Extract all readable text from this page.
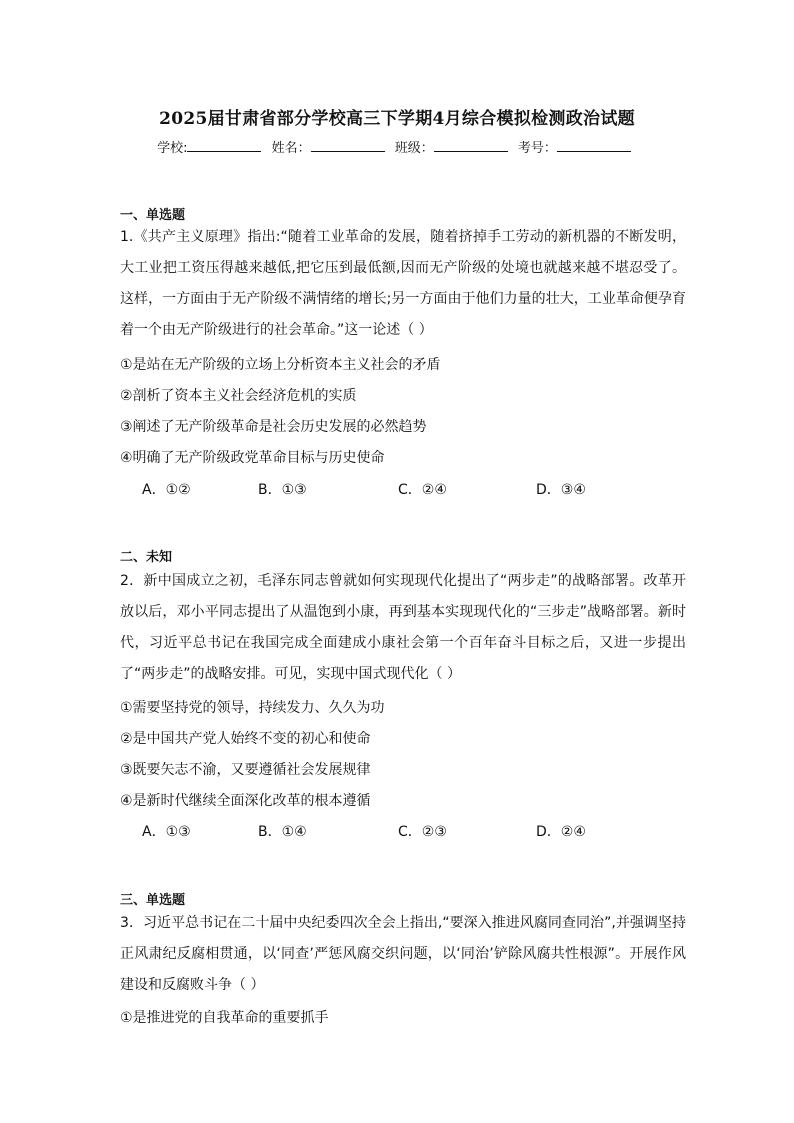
2025届甘肃省部分学校高三下学期4月综合模拟检测政治试题
学校:	姓名：	班级：	考号：
一、单选题
1.《共产主义原理》指出:“随着工业革命的发展，随着挤掉手工劳动的新机器的不断发明，大工业把工资压得越来越低,把它压到最低额,因而无产阶级的处境也就越来越不堪忍受了。这样，一方面由于无产阶级不满情绪的增长;另一方面由于他们力量的壮大，工业革命便孕育着一个由无产阶级进行的社会革命。”这一论述（ ）
①是站在无产阶级的立场上分析资本主义社会的矛盾
②剖析了资本主义社会经济危机的实质
③阐述了无产阶级革命是社会历史发展的必然趋势
④明确了无产阶级政党革命目标与历史使命
A．①②	B．①③	C．②④	D．③④
二、未知
2．新中国成立之初，毛泽东同志曾就如何实现现代化提出了“两步走”的战略部署。改革开放以后，邓小平同志提出了从温饱到小康，再到基本实现现代化的“三步走”战略部署。新时代，习近平总书记在我国完成全面建成小康社会第一个百年奋斗目标之后，又进一步提出了“两步走”的战略安排。可见，实现中国式现代化（ ）
①需要坚持党的领导，持续发力、久久为功
②是中国共产党人始终不变的初心和使命
③既要矢志不渝，又要遵循社会发展规律
④是新时代继续全面深化改革的根本遵循
A．①③	B．①④	C．②③	D．②④
三、单选题
3．习近平总书记在二十届中央纪委四次全会上指出,“要深入推进风腐同查同治”,并强调坚持正风肃纪反腐相贯通，以‘同查’严惩风腐交织问题，以‘同治’铲除风腐共性根源”。开展作风建设和反腐败斗争（ ）
①是推进党的自我革命的重要抓手
